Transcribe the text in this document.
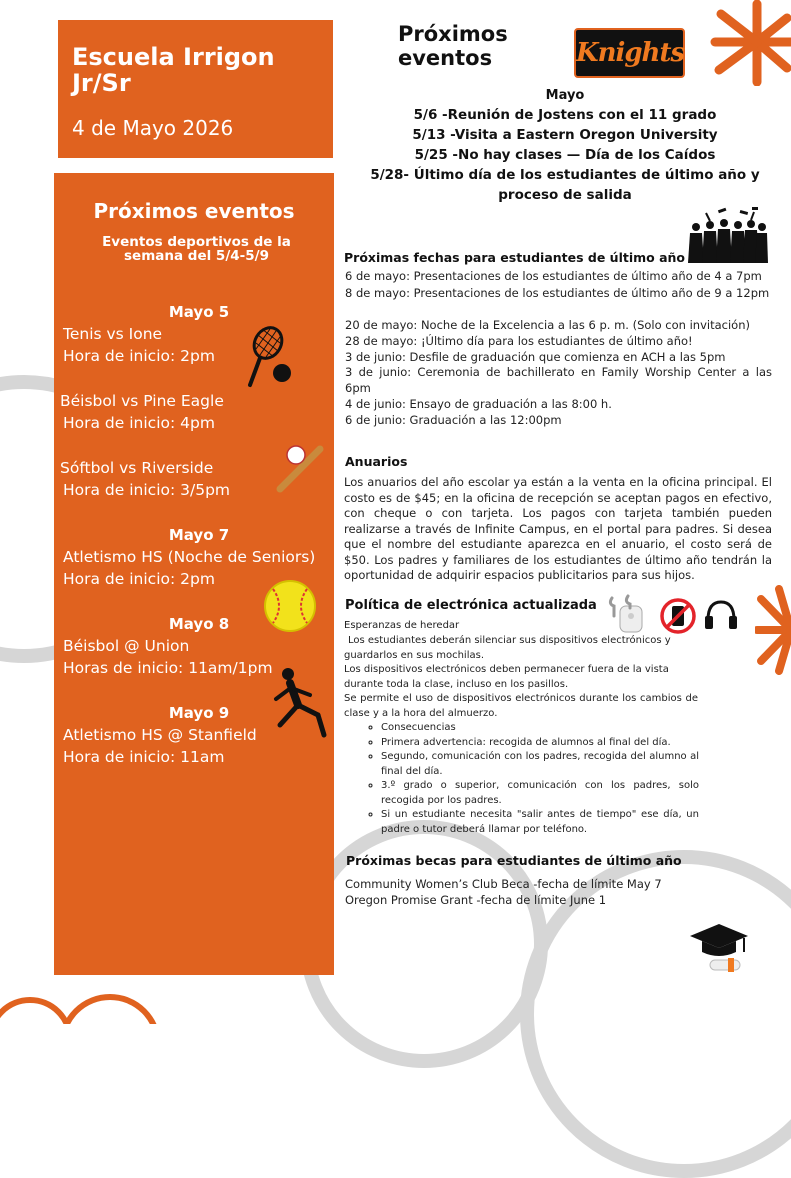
Escuela Irrigon Jr/Sr
4 de Mayo 2026
Próximos eventos
Eventos deportivos de la semana del 5/4-5/9
Mayo 5
Tenis vs Ione
Hora de inicio: 2pm
Béisbol vs Pine Eagle
Hora de inicio: 4pm
Sóftbol vs Riverside
Hora de inicio: 3/5pm
Mayo 7
Atletismo HS (Noche de Seniors)
Hora de inicio: 2pm
Mayo 8
Béisbol @ Union
Horas de inicio: 11am/1pm
Mayo 9
Atletismo HS @ Stanfield
Hora de inicio: 11am
Próximos
eventos	Knights
Mayo
5/6 -Reunión de Jostens con el 11 grado
5/13 -Visita a Eastern Oregon University
5/25 -No hay clases — Día de los Caídos
5/28- Último día de los estudiantes de último año y
proceso de salida
Próximas fechas para estudiantes de último año
6 de mayo: Presentaciones de los estudiantes de último año de 4 a 7pm
8 de mayo: Presentaciones de los estudiantes de último año de 9 a 12pm
20 de mayo: Noche de la Excelencia a las 6 p. m. (Solo con invitación)
28 de mayo: ¡Último día para los estudiantes de último año!
3 de junio: Desfile de graduación que comienza en ACH a las 5pm
3 de junio: Ceremonia de bachillerato en Family Worship Center a las 6pm
4 de junio: Ensayo de graduación a las 8:00 h.
6 de junio: Graduación a las 12:00pm
Anuarios
Los anuarios del año escolar ya están a la venta en la oficina principal. El costo es de $45; en la oficina de recepción se aceptan pagos en efectivo, con cheque o con tarjeta. Los pagos con tarjeta también pueden realizarse a través de Infinite Campus, en el portal para padres. Si desea que el nombre del estudiante aparezca en el anuario, el costo será de $50. Los padres y familiares de los estudiantes de último año tendrán la oportunidad de adquirir espacios publicitarios para sus hijos.
Política de electrónica actualizada
Esperanzas de heredar
Los estudiantes deberán silenciar sus dispositivos electrónicos y guardarlos en sus mochilas.
Los dispositivos electrónicos deben permanecer fuera de la vista durante toda la clase, incluso en los pasillos.
Se permite el uso de dispositivos electrónicos durante los cambios de clase y a la hora del almuerzo.
◦ Consecuencias
◦ Primera advertencia: recogida de alumnos al final del día.
◦ Segundo, comunicación con los padres, recogida del alumno al final del día.
◦ 3.º grado o superior, comunicación con los padres, solo recogida por los padres.
◦ Si un estudiante necesita "salir antes de tiempo" ese día, un padre o tutor deberá llamar por teléfono.
Próximas becas para estudiantes de último año
Community Women’s Club Beca -fecha de límite May 7
Oregon Promise Grant -fecha de límite June 1
